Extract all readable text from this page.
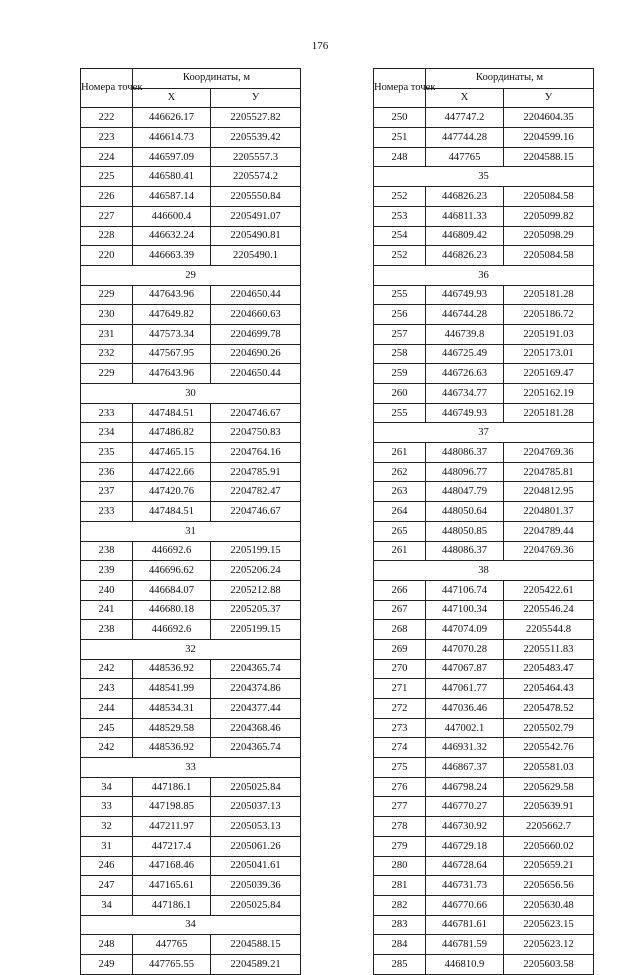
176
Номера точек	Координаты, м	
	Х	У
222	446626.17	2205527.82
223	446614.73	2205539.42
224	446597.09	2205557.3
225	446580.41	2205574.2
226	446587.14	2205550.84
227	446600.4	2205491.07
228	446632.24	2205490.81
220	446663.39	2205490.1
29		
229	447643.96	2204650.44
230	447649.82	2204660.63
231	447573.34	2204699.78
232	447567.95	2204690.26
229	447643.96	2204650.44
30		
233	447484.51	2204746.67
234	447486.82	2204750.83
235	447465.15	2204764.16
236	447422.66	2204785.91
237	447420.76	2204782.47
233	447484.51	2204746.67
31		
238	446692.6	2205199.15
239	446696.62	2205206.24
240	446684.07	2205212.88
241	446680.18	2205205.37
238	446692.6	2205199.15
32		
242	448536.92	2204365.74
243	448541.99	2204374.86
244	448534.31	2204377.44
245	448529.58	2204368.46
242	448536.92	2204365.74
33		
34	447186.1	2205025.84
33	447198.85	2205037.13
32	447211.97	2205053.13
31	447217.4	2205061.26
246	447168.46	2205041.61
247	447165.61	2205039.36
34	447186.1	2205025.84
34		
248	447765	2204588.15
249	447765.55	2204589.21
Номера точек	Координаты, м	
	Х	У
250	447747.2	2204604.35
251	447744.28	2204599.16
248	447765	2204588.15
35		
252	446826.23	2205084.58
253	446811.33	2205099.82
254	446809.42	2205098.29
252	446826.23	2205084.58
36		
255	446749.93	2205181.28
256	446744.28	2205186.72
257	446739.8	2205191.03
258	446725.49	2205173.01
259	446726.63	2205169.47
260	446734.77	2205162.19
255	446749.93	2205181.28
37		
261	448086.37	2204769.36
262	448096.77	2204785.81
263	448047.79	2204812.95
264	448050.64	2204801.37
265	448050.85	2204789.44
261	448086.37	2204769.36
38		
266	447106.74	2205422.61
267	447100.34	2205546.24
268	447074.09	2205544.8
269	447070.28	2205511.83
270	447067.87	2205483.47
271	447061.77	2205464.43
272	447036.46	2205478.52
273	447002.1	2205502.79
274	446931.32	2205542.76
275	446867.37	2205581.03
276	446798.24	2205629.58
277	446770.27	2205639.91
278	446730.92	2205662.7
279	446729.18	2205660.02
280	446728.64	2205659.21
281	446731.73	2205656.56
282	446770.66	2205630.48
283	446781.61	2205623.15
284	446781.59	2205623.12
285	446810.9	2205603.58
